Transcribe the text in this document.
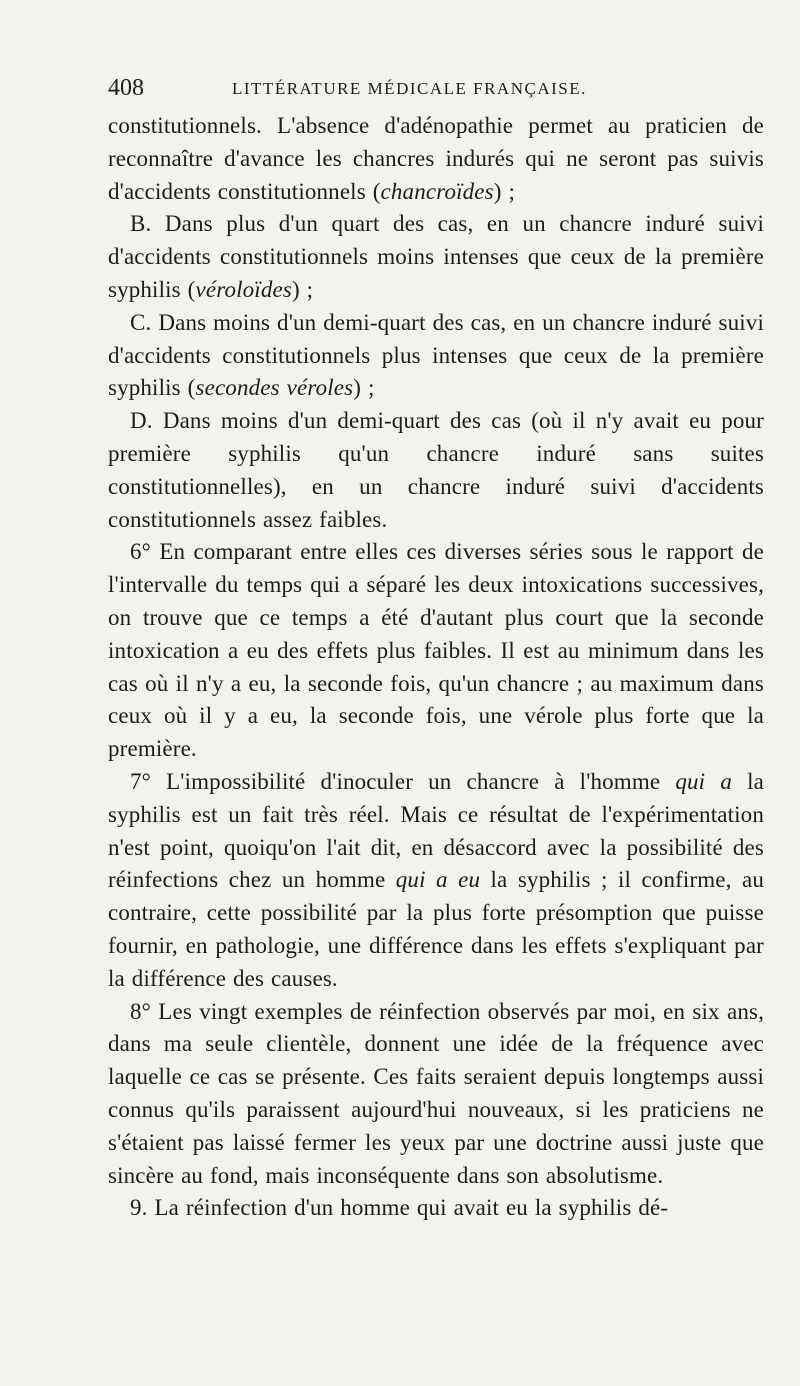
408	LITTÉRATURE MÉDICALE FRANÇAISE.

constitutionnels. L'absence d'adénopathie permet au praticien de reconnaître d'avance les chancres indurés qui ne seront pas suivis d'accidents constitutionnels (chancroïdes) ;

B. Dans plus d'un quart des cas, en un chancre induré suivi d'accidents constitutionnels moins intenses que ceux de la première syphilis (véroloïdes) ;

C. Dans moins d'un demi-quart des cas, en un chancre induré suivi d'accidents constitutionnels plus intenses que ceux de la première syphilis (secondes véroles) ;

D. Dans moins d'un demi-quart des cas (où il n'y avait eu pour première syphilis qu'un chancre induré sans suites constitutionnelles), en un chancre induré suivi d'accidents constitutionnels assez faibles.

6° En comparant entre elles ces diverses séries sous le rapport de l'intervalle du temps qui a séparé les deux intoxications successives, on trouve que ce temps a été d'autant plus court que la seconde intoxication a eu des effets plus faibles. Il est au minimum dans les cas où il n'y a eu, la seconde fois, qu'un chancre ; au maximum dans ceux où il y a eu, la seconde fois, une vérole plus forte que la première.

7° L'impossibilité d'inoculer un chancre à l'homme qui a la syphilis est un fait très réel. Mais ce résultat de l'expérimentation n'est point, quoiqu'on l'ait dit, en désaccord avec la possibilité des réinfections chez un homme qui a eu la syphilis ; il confirme, au contraire, cette possibilité par la plus forte présomption que puisse fournir, en pathologie, une différence dans les effets s'expliquant par la différence des causes.

8° Les vingt exemples de réinfection observés par moi, en six ans, dans ma seule clientèle, donnent une idée de la fréquence avec laquelle ce cas se présente. Ces faits seraient depuis longtemps aussi connus qu'ils paraissent aujourd'hui nouveaux, si les praticiens ne s'étaient pas laissé fermer les yeux par une doctrine aussi juste que sincère au fond, mais inconséquente dans son absolutisme.

9. La réinfection d'un homme qui avait eu la syphilis dé-
